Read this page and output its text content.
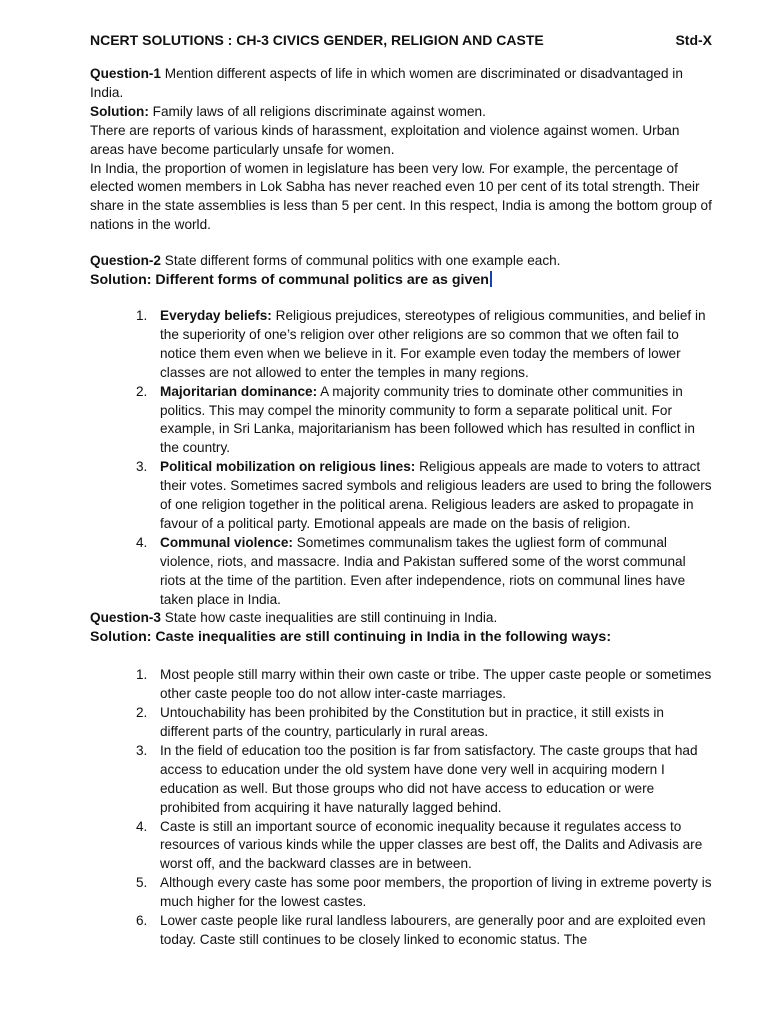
NCERT SOLUTIONS : CH-3 CIVICS GENDER, RELIGION AND CASTE	Std-X

Question-1 Mention different aspects of life in which women are discriminated or disadvantaged in India.

Solution: Family laws of all religions discriminate against women.

There are reports of various kinds of harassment, exploitation and violence against women. Urban areas have become particularly unsafe for women.

In India, the proportion of women in legislature has been very low. For example, the percentage of elected women members in Lok Sabha has never reached even 10 per cent of its total strength. Their share in the state assemblies is less than 5 per cent. In this respect, India is among the bottom group of nations in the world.

Question-2 State different forms of communal politics with one example each.

Solution: Different forms of communal politics are as given

1. Everyday beliefs: Religious prejudices, stereotypes of religious communities, and belief in the superiority of one’s religion over other religions are so common that we often fail to notice them even when we believe in it. For example even today the members of lower classes are not allowed to enter the temples in many regions.
2. Majoritarian dominance: A majority community tries to dominate other communities in politics. This may compel the minority community to form a separate political unit. For example, in Sri Lanka, majoritarianism has been followed which has resulted in conflict in the country.
3. Political mobilization on religious lines: Religious appeals are made to voters to attract their votes. Sometimes sacred symbols and religious leaders are used to bring the followers of one religion together in the political arena. Religious leaders are asked to propagate in favour of a political party. Emotional appeals are made on the basis of religion.
4. Communal violence: Sometimes communalism takes the ugliest form of communal violence, riots, and massacre. India and Pakistan suffered some of the worst communal riots at the time of the partition. Even after independence, riots on communal lines have taken place in India.

Question-3 State how caste inequalities are still continuing in India.

Solution: Caste inequalities are still continuing in India in the following ways:

1. Most people still marry within their own caste or tribe. The upper caste people or sometimes other caste people too do not allow inter-caste marriages.
2. Untouchability has been prohibited by the Constitution but in practice, it still exists in different parts of the country, particularly in rural areas.
3. In the field of education too the position is far from satisfactory. The caste groups that had access to education under the old system have done very well in acquiring modern I education as well. But those groups who did not have access to education or were prohibited from acquiring it have naturally lagged behind.
4. Caste is still an important source of economic inequality because it regulates access to
resources of various kinds while the upper classes are best off, the Dalits and Adivasis are worst off, and the backward classes are in between.
5. Although every caste has some poor members, the proportion of living in extreme poverty is much higher for the lowest castes.
6. Lower caste people like rural landless labourers, are generally poor and are exploited even today. Caste still continues to be closely linked to economic status. The
